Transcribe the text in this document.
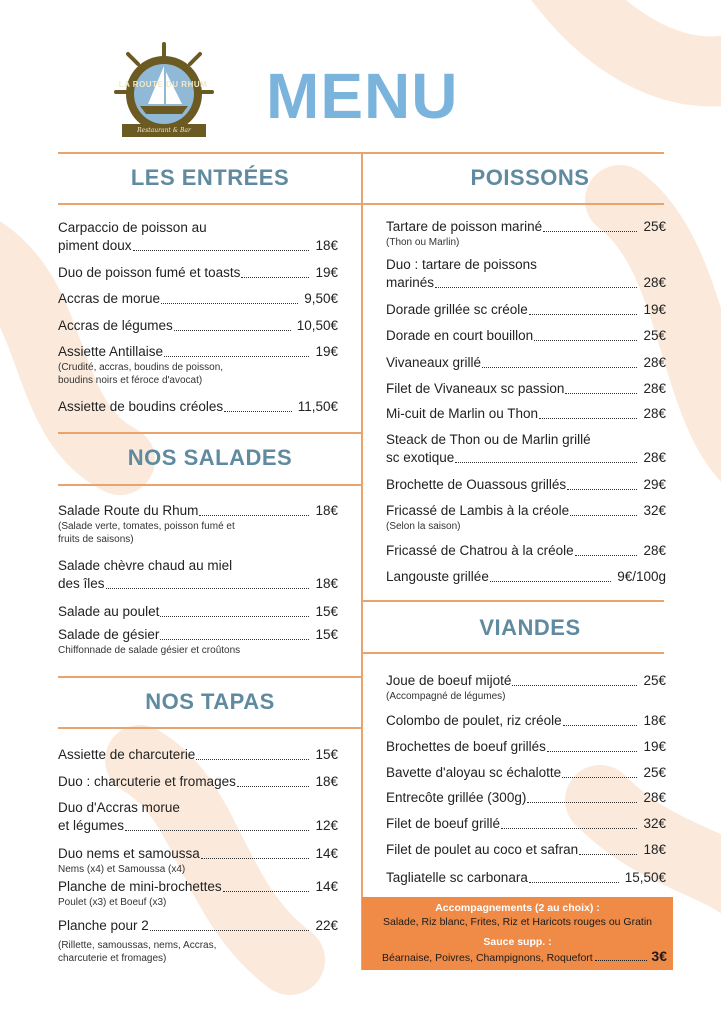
LA ROUTE DU RHUM
Restaurant & Bar MENU
LES ENTRÉES	POISSONS
NOS SALADES
NOS TAPAS
VIANDES
Carpaccio de poisson au
piment doux	18€
Duo de poisson fumé et toasts	19€
Accras de morue	9,50€
Accras de légumes	10,50€
Assiette Antillaise	19€
(Crudité, accras, boudins de poisson,
boudins noirs et féroce d'avocat)
Assiette de boudins créoles	11,50€
Salade Route du Rhum	18€
(Salade verte, tomates, poisson fumé et
fruits de saisons)
Salade chèvre chaud au miel
des îles	18€
Salade au poulet	15€
Salade de gésier	15€
Chiffonnade de salade gésier et croûtons
Assiette de charcuterie	15€
Duo : charcuterie et fromages	18€
Duo d'Accras morue
et légumes	12€
Duo nems et samoussa	14€
Nems (x4) et Samoussa (x4)
Planche de mini-brochettes	14€
Poulet (x3) et Boeuf (x3)
Planche pour 2	22€
(Rillette, samoussas, nems, Accras,
charcuterie et fromages)
Tartare de poisson mariné	25€
(Thon ou Marlin)
Duo : tartare de poissons
marinés	28€
Dorade grillée sc créole	19€
Dorade en court bouillon	25€
Vivaneaux grillé	28€
Filet de Vivaneaux sc passion	28€
Mi-cuit de Marlin ou Thon	28€
Steack de Thon ou de Marlin grillé
sc exotique	28€
Brochette de Ouassous grillés	29€
Fricassé de Lambis à la créole	32€
(Selon la saison)
Fricassé de Chatrou à la créole	28€
Langouste grillée	9€/100g
Joue de boeuf mijoté	25€
(Accompagné de légumes)
Colombo de poulet, riz créole	18€
Brochettes de boeuf grillés	19€
Bavette d'aloyau sc échalotte	25€
Entrecôte grillée (300g)	28€
Filet de boeuf grillé	32€
Filet de poulet au coco et safran	18€
Tagliatelle sc carbonara	15,50€
Accompagnements (2 au choix) :
Salade, Riz blanc, Frites, Riz et Haricots rouges ou Gratin
Sauce supp. :
Béarnaise, Poivres, Champignons, Roquefort	3€
